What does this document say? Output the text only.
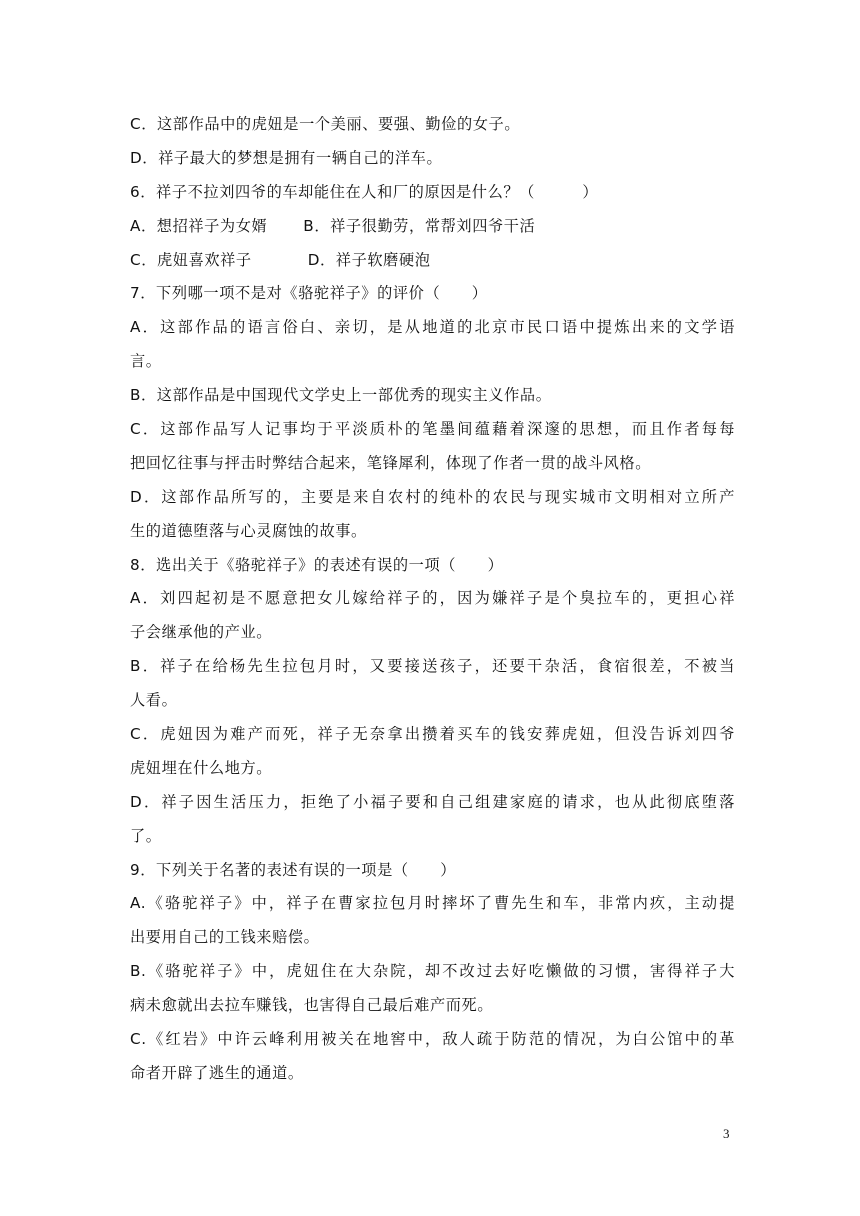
C．这部作品中的虎妞是一个美丽、要强、勤俭的女子。
D．祥子最大的梦想是拥有一辆自己的洋车。
6．祥子不拉刘四爷的车却能住在人和厂的原因是什么？（　　　）
A．想招祥子为女婿 B．祥子很勤劳，常帮刘四爷干活
C．虎妞喜欢祥子	D．祥子软磨硬泡
7．下列哪一项不是对《骆驼祥子》的评价（　　）
A．这部作品的语言俗白、亲切，是从地道的北京市民口语中提炼出来的文学语
言。
B．这部作品是中国现代文学史上一部优秀的现实主义作品。
C．这部作品写人记事均于平淡质朴的笔墨间蕴藉着深邃的思想，而且作者每每
把回忆往事与抨击时弊结合起来，笔锋犀利，体现了作者一贯的战斗风格。
D．这部作品所写的，主要是来自农村的纯朴的农民与现实城市文明相对立所产
生的道德堕落与心灵腐蚀的故事。
8．选出关于《骆驼祥子》的表述有误的一项（　　）
A．刘四起初是不愿意把女儿嫁给祥子的，因为嫌祥子是个臭拉车的，更担心祥
子会继承他的产业。
B．祥子在给杨先生拉包月时，又要接送孩子，还要干杂活，食宿很差，不被当
人看。
C．虎妞因为难产而死，祥子无奈拿出攒着买车的钱安葬虎妞，但没告诉刘四爷
虎妞埋在什么地方。
D．祥子因生活压力，拒绝了小福子要和自己组建家庭的请求，也从此彻底堕落
了。
9．下列关于名著的表述有误的一项是（　　）
A.《骆驼祥子》中，祥子在曹家拉包月时摔坏了曹先生和车，非常内疚，主动提
出要用自己的工钱来赔偿。
B.《骆驼祥子》中，虎妞住在大杂院，却不改过去好吃懒做的习惯，害得祥子大
病未愈就出去拉车赚钱，也害得自己最后难产而死。
C.《红岩》中许云峰利用被关在地窖中，敌人疏于防范的情况，为白公馆中的革
命者开辟了逃生的通道。
3
